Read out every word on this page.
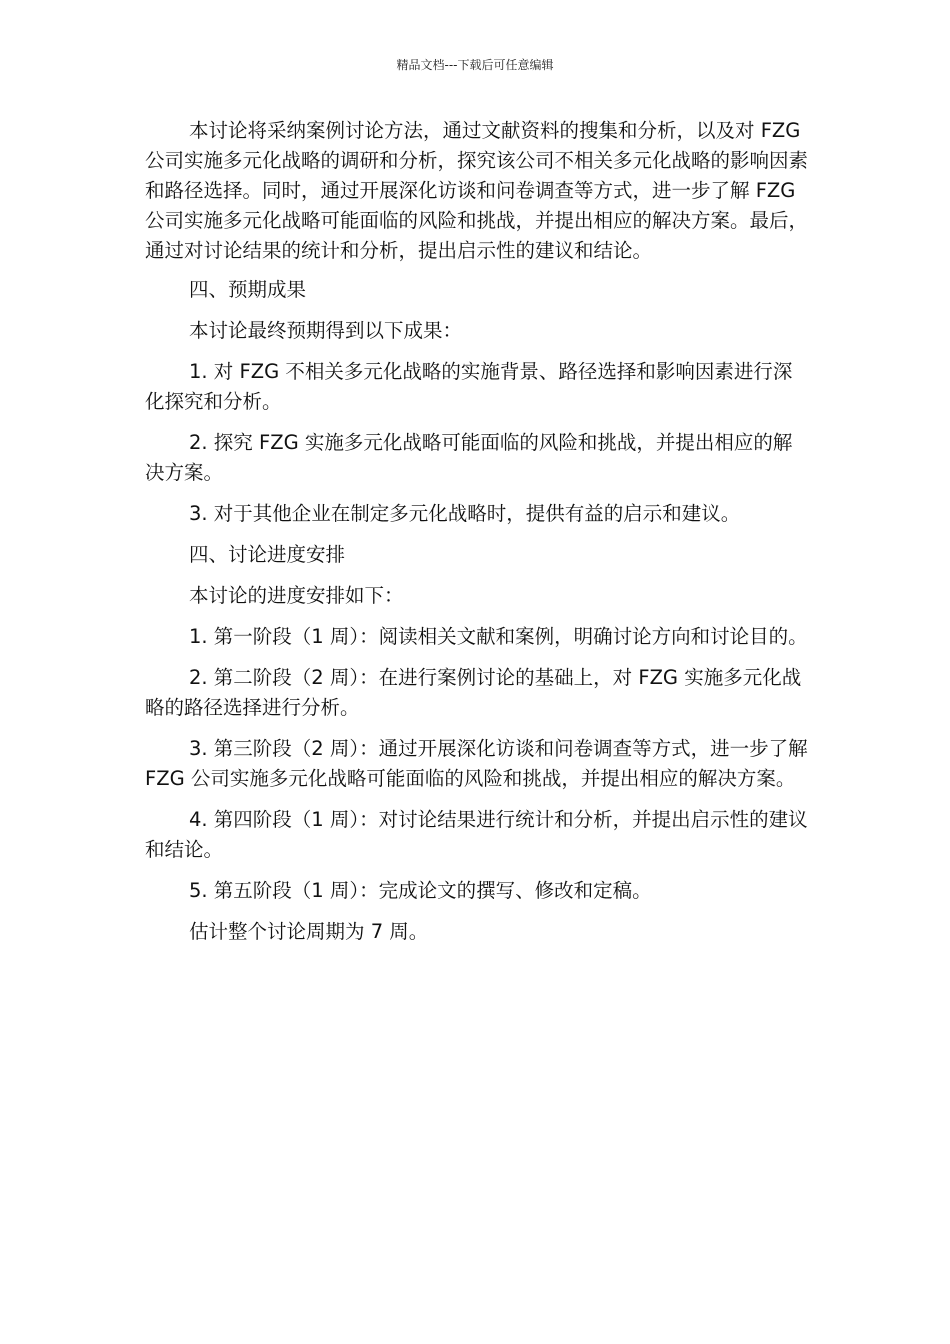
精品文档---下载后可任意编辑

本讨论将采纳案例讨论方法，通过文献资料的搜集和分析，以及对 FZG 公司实施多元化战略的调研和分析，探究该公司不相关多元化战略的影响因素和路径选择。同时，通过开展深化访谈和问卷调查等方式，进一步了解 FZG 公司实施多元化战略可能面临的风险和挑战，并提出相应的解决方案。最后，通过对讨论结果的统计和分析，提出启示性的建议和结论。

四、预期成果

本讨论最终预期得到以下成果：

1. 对 FZG 不相关多元化战略的实施背景、路径选择和影响因素进行深化探究和分析。

2. 探究 FZG 实施多元化战略可能面临的风险和挑战，并提出相应的解决方案。

3. 对于其他企业在制定多元化战略时，提供有益的启示和建议。

四、讨论进度安排

本讨论的进度安排如下：

1. 第一阶段（1 周）：阅读相关文献和案例，明确讨论方向和讨论目的。

2. 第二阶段（2 周）：在进行案例讨论的基础上，对 FZG 实施多元化战略的路径选择进行分析。

3. 第三阶段（2 周）：通过开展深化访谈和问卷调查等方式，进一步了解 FZG 公司实施多元化战略可能面临的风险和挑战，并提出相应的解决方案。

4. 第四阶段（1 周）：对讨论结果进行统计和分析，并提出启示性的建议和结论。

5. 第五阶段（1 周）：完成论文的撰写、修改和定稿。

估计整个讨论周期为 7 周。
